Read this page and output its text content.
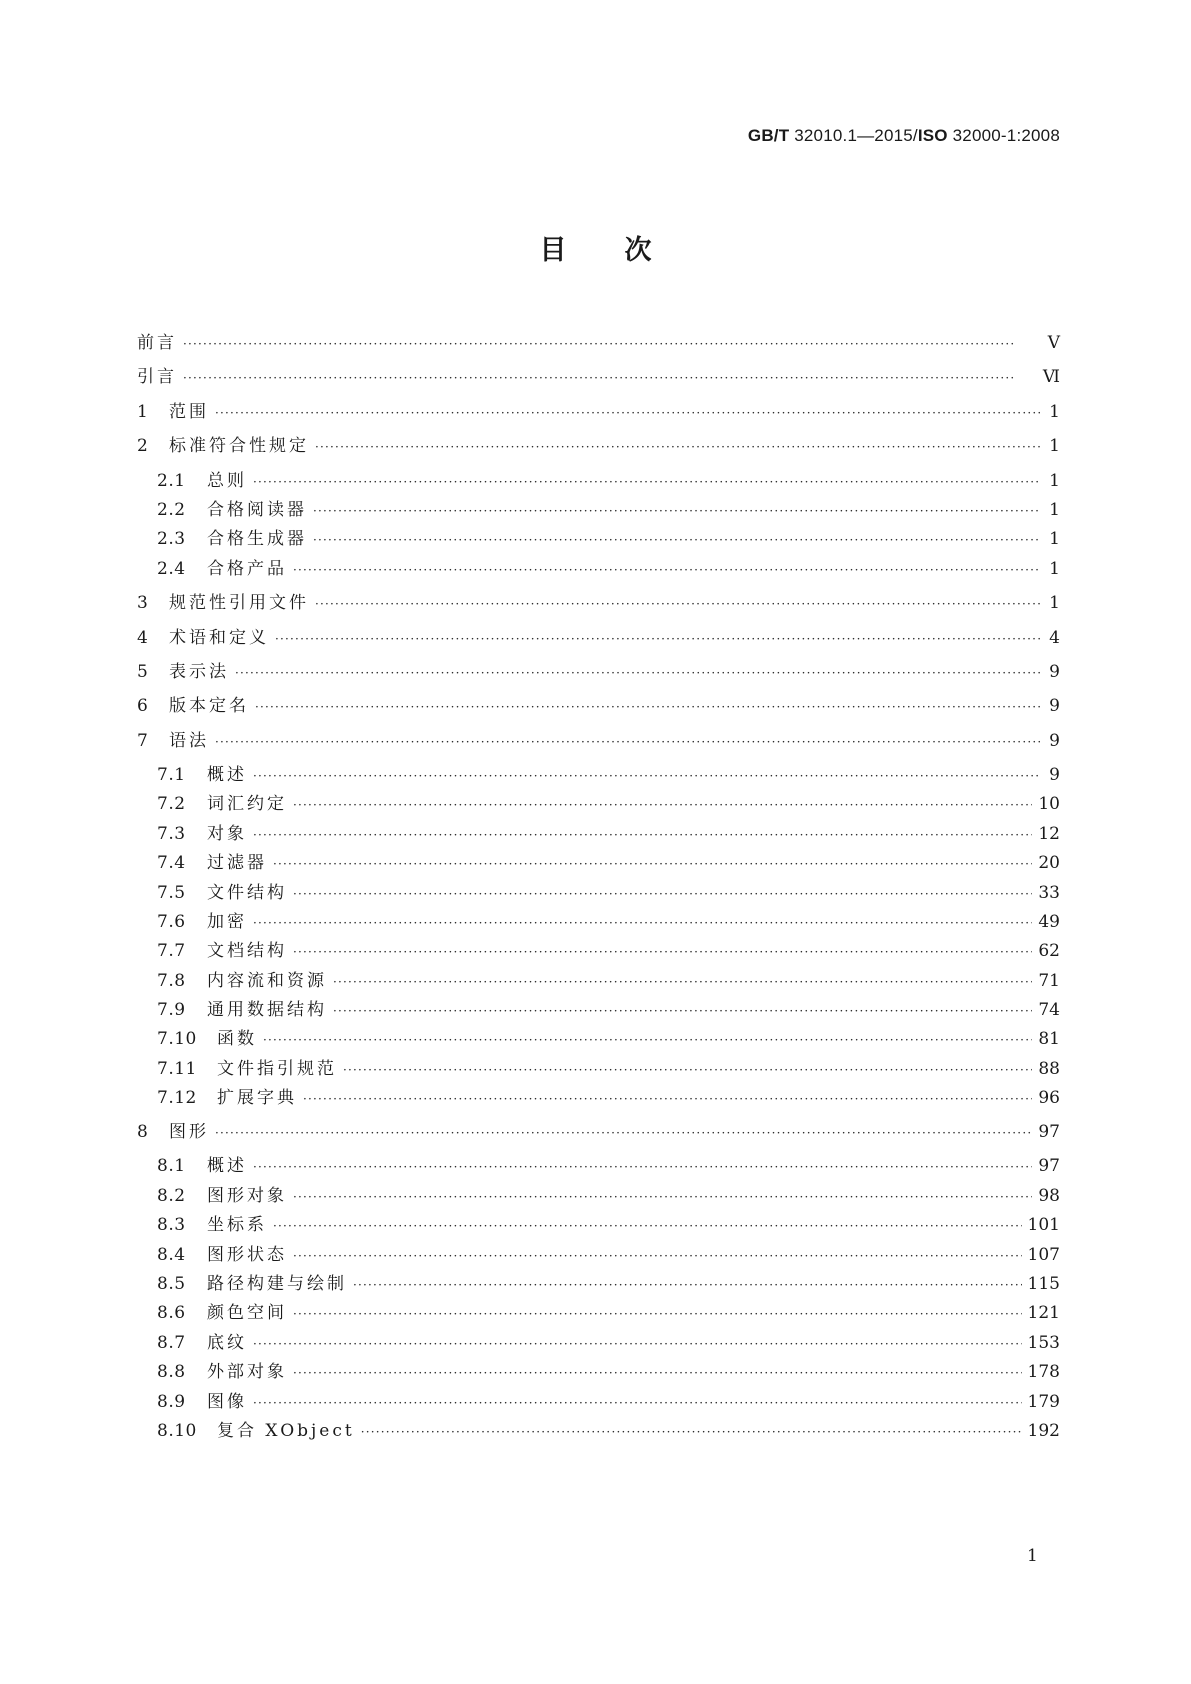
GB/T 32010.1—2015/ISO 32000-1:2008
目次
前言 ·····	Ⅴ
引言 ·····	Ⅵ
1	范围 ·····	1
2	标准符合性规定 ·····	1
2.1	总则 ·····	1
2.2	合格阅读器 ·····	1
2.3	合格生成器 ·····	1
2.4	合格产品 ·····	1
3	规范性引用文件 ·····	1
4	术语和定义 ·····	4
5	表示法 ·····	9
6	版本定名 ·····	9
7	语法 ·····	9
7.1	概述 ·····	9
7.2	词汇约定 ·····	10
7.3	对象 ·····	12
7.4	过滤器 ·····	20
7.5	文件结构 ·····	33
7.6	加密 ·····	49
7.7	文档结构 ·····	62
7.8	内容流和资源 ·····	71
7.9	通用数据结构 ·····	74
7.10	函数 ·····	81
7.11	文件指引规范 ·····	88
7.12	扩展字典 ·····	96
8	图形 ·····	97
8.1	概述 ·····	97
8.2	图形对象 ·····	98
8.3	坐标系 ·····	101
8.4	图形状态 ·····	107
8.5	路径构建与绘制 ·····	115
8.6	颜色空间 ·····	121
8.7	底纹 ·····	153
8.8	外部对象 ·····	178
8.9	图像 ·····	179
8.10	复合 XObject ·····	192
1
